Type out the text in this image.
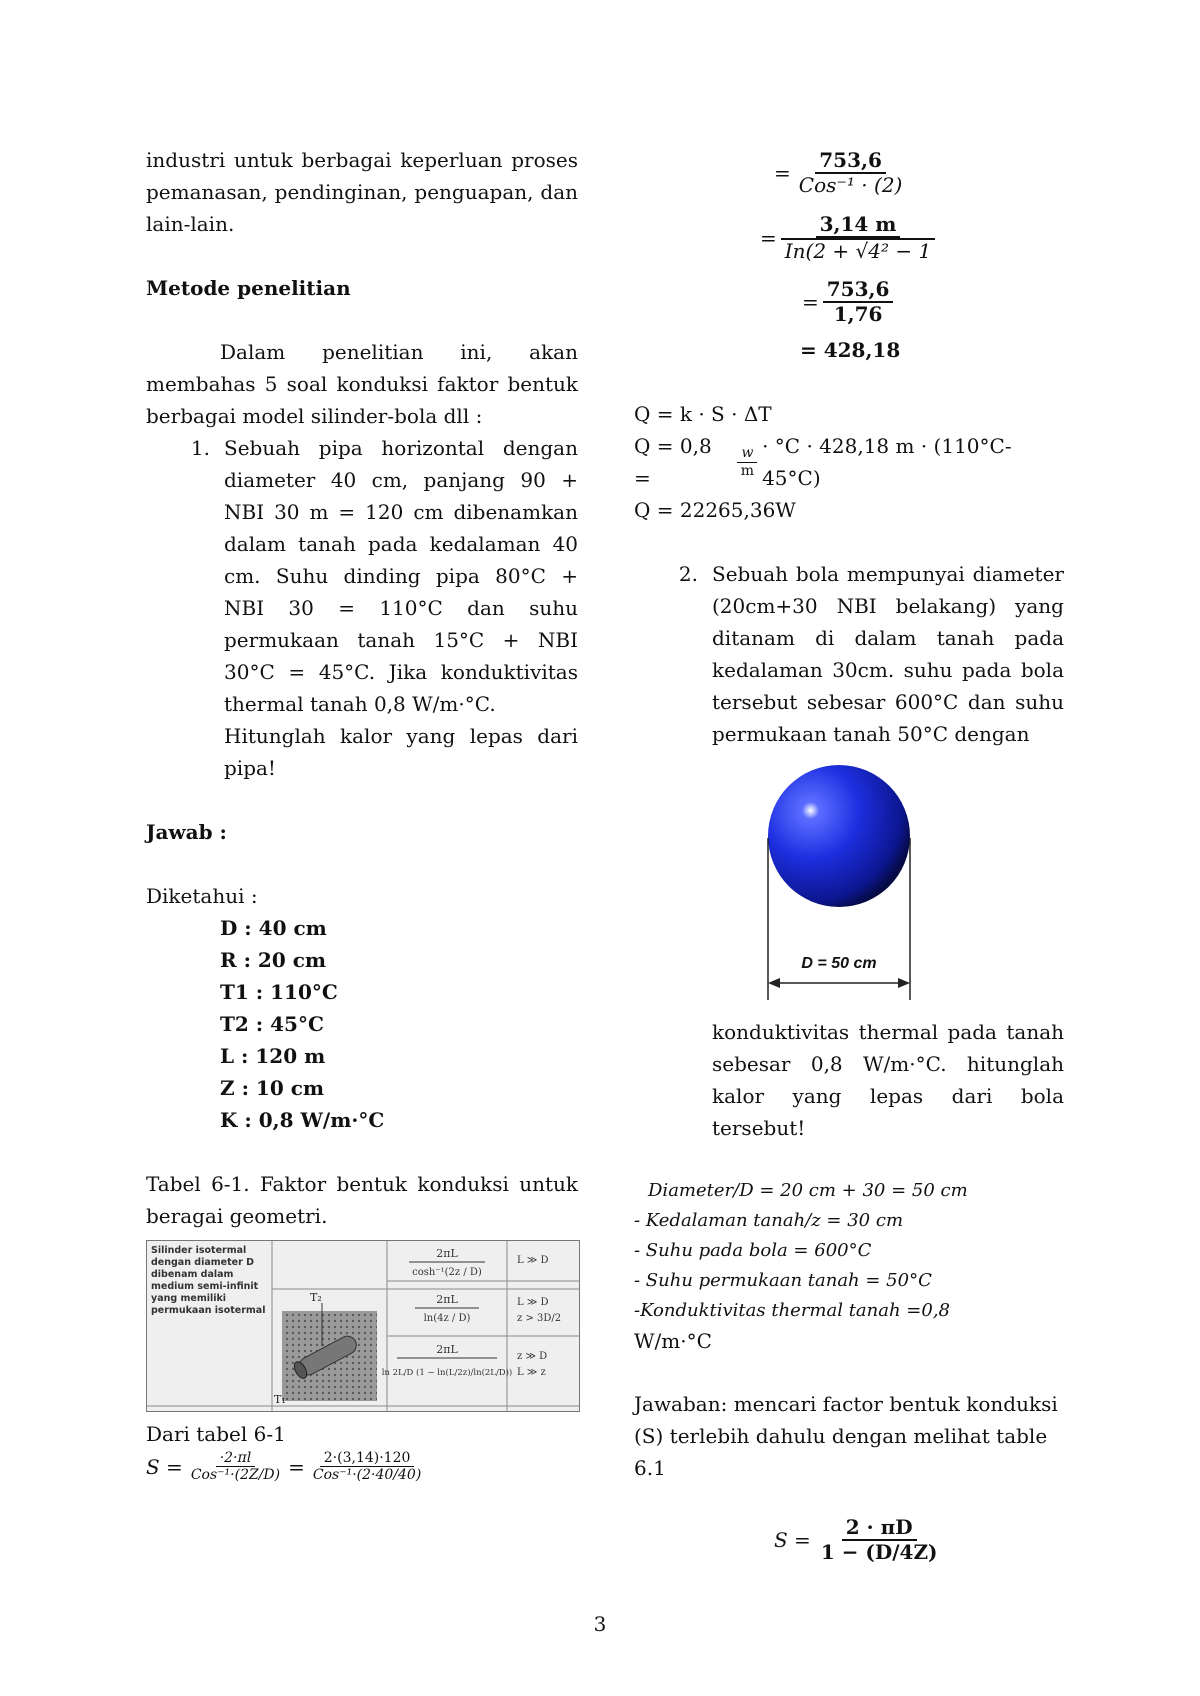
industri untuk berbagai keperluan proses pemanasan, pendinginan, penguapan, dan lain-lain.

Metode penelitian

Dalam penelitian ini, akan membahas 5 soal konduksi faktor bentuk berbagai model silinder-bola dll :

1. Sebuah pipa horizontal dengan diameter 40 cm, panjang 90 + NBI 30 m = 120 cm dibenamkan dalam tanah pada kedalaman 40 cm. Suhu dinding pipa 80°C + NBI 30 = 110°C dan suhu permukaan tanah 15°C + NBI 30°C = 45°C. Jika konduktivitas thermal tanah 0,8 W/m·°C.

Hitunglah kalor yang lepas dari pipa!

Jawab :

Diketahui :

D : 40 cm

R : 20 cm

T1 : 110°C

T2 : 45°C

L : 120 m

Z : 10 cm

K : 0,8 W/m·°C

Tabel 6-1. Faktor bentuk konduksi untuk beragai geometri.

T₂
T₁
Silinder isotermal dengan diameter D dibenam dalam medium semi-infinit yang memiliki permukaan isotermal
2πL
cosh⁻¹(2z / D)
L ≫ D
2πL
ln(4z / D)
L ≫ D
z > 3D/2
2πL
ln 2L/D (1 − ln(L/2z)/ln(2L/D))
z ≫ D
L ≫ z

Dari tabel 6-1

$S = \frac{\cdot 2\cdot\pi l}{\text{Cos⁻¹·(2Z/D)}} = \frac{2\cdot(3,14)\cdot 120}{\text{Cos⁻¹·(2·40/40)}}$
= $\frac{753,6}{\text{Cos⁻¹ · (2)}}$
= $\frac{3,14 m}{\text{In(2 + √4² − 1}}$
= $\frac{753,6}{1,76}$

= 428,18

Q = k · S · ΔT

Q = 0,8 =	$\frac{w}{m} \cdot ^\circ C \cdot 428,18$ m · (110°C-45°C)

Q = 22265,36W

2. Sebuah bola mempunyai diameter (20cm+30 NBI belakang) yang ditanam di dalam tanah pada kedalaman 30cm. suhu pada bola tersebut sebesar 600°C dan suhu permukaan tanah 50°C dengan

D = 50 cm

konduktivitas thermal pada tanah sebesar 0,8 W/m·°C. hitunglah kalor yang lepas dari bola tersebut!

Diameter/D = 20 cm + 30 = 50 cm

- Kedalaman tanah/z = 30 cm

- Suhu pada bola = 600°C

- Suhu permukaan tanah = 50°C

-Konduktivitas thermal tanah =0,8

W/m·°C

Jawaban: mencari factor bentuk konduksi (S) terlebih dahulu dengan melihat table 6.1

$S = \frac{2 \cdot \pi D}{1 - (D/4Z)}$
3
